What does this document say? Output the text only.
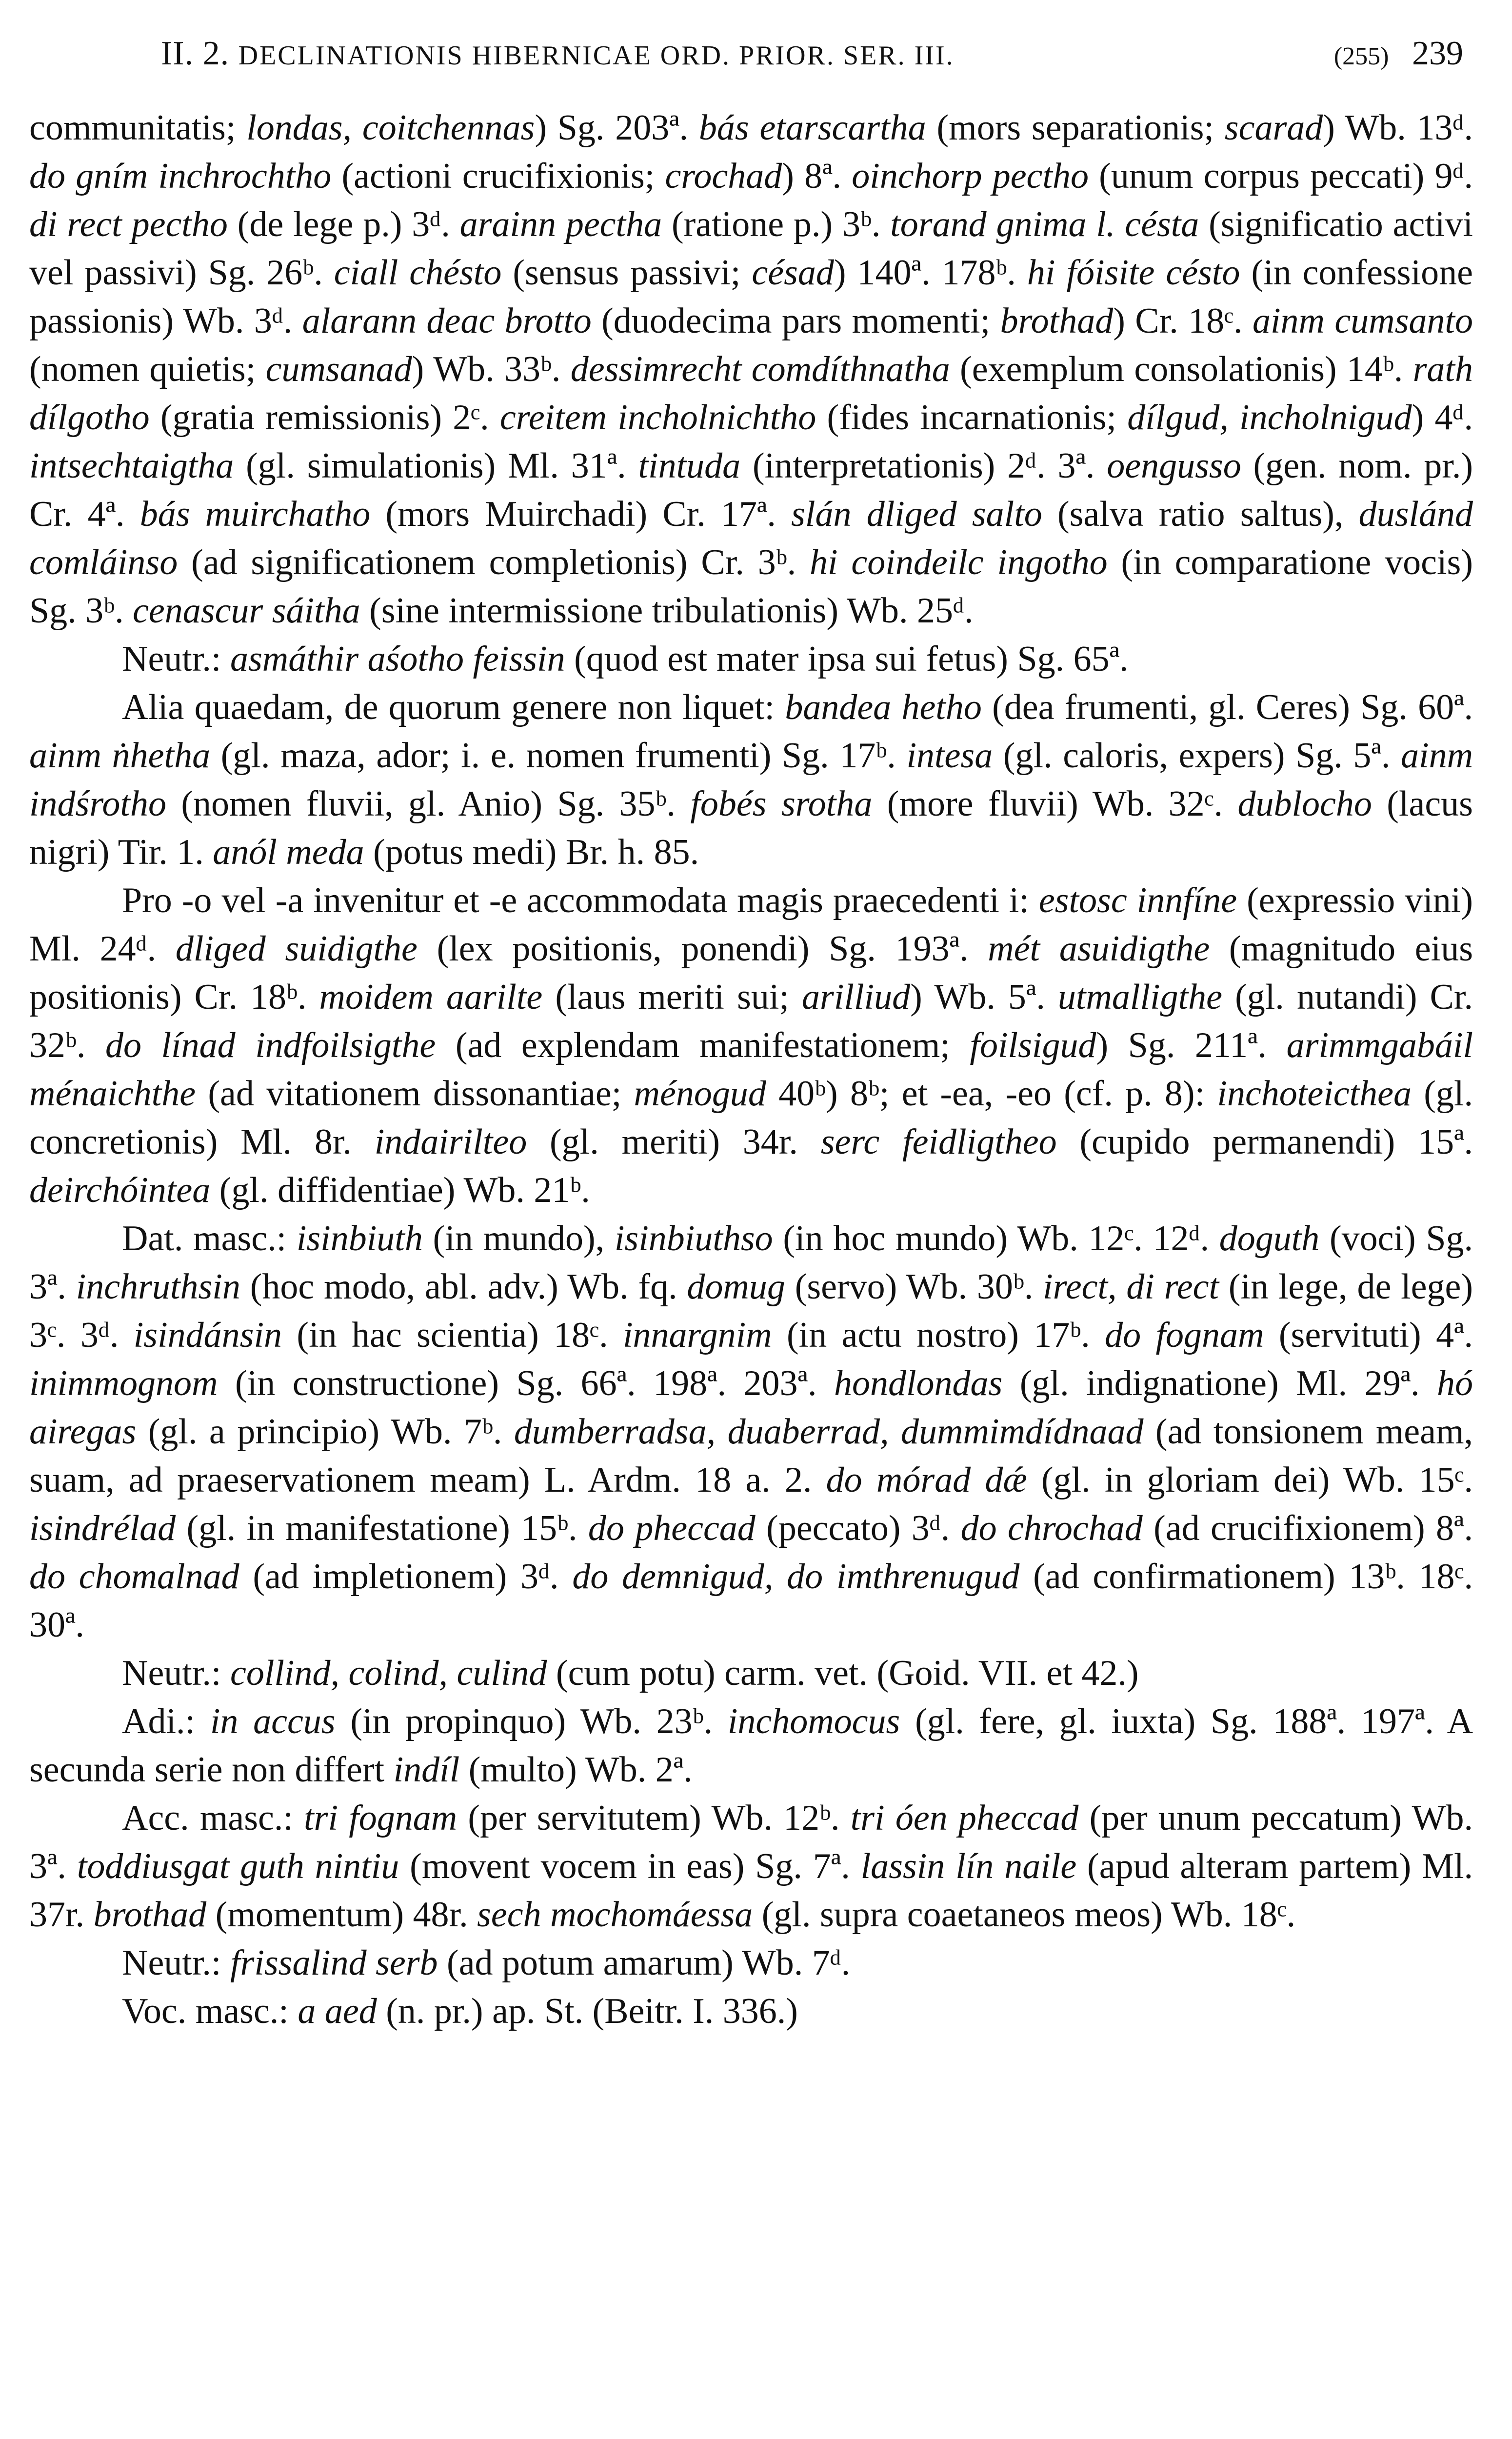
II. 2. DECLINATIONIS HIBERNICAE ORD. PRIOR. SER. III.	(255) 239

communitatis; londas, coitchennas) Sg. 203ª. bás etarscartha (mors separationis; scarad) Wb. 13ᵈ. do gním inchrochtho (actioni crucifixionis; crochad) 8ª. oinchorp pectho (unum corpus peccati) 9ᵈ. di rect pectho (de lege p.) 3ᵈ. arainn pectha (ratione p.) 3ᵇ. torand gnima l. césta (significatio activi vel passivi) Sg. 26ᵇ. ciall chésto (sensus passivi; césad) 140ª. 178ᵇ. hi fóisite césto (in confessione passionis) Wb. 3ᵈ. alarann deac brotto (duodecima pars momenti; brothad) Cr. 18ᶜ. ainm cumsanto (nomen quietis; cumsanad) Wb. 33ᵇ. dessimrecht comdíthnatha (exemplum consolationis) 14ᵇ. rath dílgotho (gratia remissionis) 2ᶜ. creitem incholnichtho (fides incarnationis; dílgud, incholnigud) 4ᵈ. intsechtaigtha (gl. simulationis) Ml. 31ª. tintuda (interpretationis) 2ᵈ. 3ª. oengusso (gen. nom. pr.) Cr. 4ª. bás muirchatho (mors Muirchadi) Cr. 17ª. slán dliged salto (salva ratio saltus), duslánd comláinso (ad significationem completionis) Cr. 3ᵇ. hi coindeilc ingotho (in comparatione vocis) Sg. 3ᵇ. cenascur sáitha (sine intermissione tribulationis) Wb. 25ᵈ.

Neutr.: asmáthir aśotho feissin (quod est mater ipsa sui fetus) Sg. 65ª.

Alia quaedam, de quorum genere non liquet: bandea hetho (dea frumenti, gl. Ceres) Sg. 60ª. ainm ṅhetha (gl. maza, ador; i. e. nomen frumenti) Sg. 17ᵇ. intesa (gl. caloris, expers) Sg. 5ª. ainm indśrotho (nomen fluvii, gl. Anio) Sg. 35ᵇ. fobés srotha (more fluvii) Wb. 32ᶜ. dublocho (lacus nigri) Tir. 1. anól meda (potus medi) Br. h. 85.

Pro -o vel -a invenitur et -e accommodata magis praecedenti i: estosc innfíne (expressio vini) Ml. 24ᵈ. dliged suidigthe (lex positionis, ponendi) Sg. 193ª. mét asuidigthe (magnitudo eius positionis) Cr. 18ᵇ. moidem aarilte (laus meriti sui; arilliud) Wb. 5ª. utmalligthe (gl. nutandi) Cr. 32ᵇ. do línad indfoilsigthe (ad explendam manifestationem; foilsigud) Sg. 211ª. arimmgabáil ménaichthe (ad vitationem dissonantiae; ménogud 40ᵇ) 8ᵇ; et -ea, -eo (cf. p. 8): inchoteicthea (gl. concretionis) Ml. 8r. indairilteo (gl. meriti) 34r. serc feidligtheo (cupido permanendi) 15ª. deirchóintea (gl. diffidentiae) Wb. 21ᵇ.

Dat. masc.: isinbiuth (in mundo), isinbiuthso (in hoc mundo) Wb. 12ᶜ. 12ᵈ. doguth (voci) Sg. 3ª. inchruthsin (hoc modo, abl. adv.) Wb. fq. domug (servo) Wb. 30ᵇ. irect, di rect (in lege, de lege) 3ᶜ. 3ᵈ. isindánsin (in hac scientia) 18ᶜ. innargnim (in actu nostro) 17ᵇ. do fognam (servituti) 4ª. inimmognom (in constructione) Sg. 66ª. 198ª. 203ª. hondlondas (gl. indignatione) Ml. 29ª. hó airegas (gl. a principio) Wb. 7ᵇ. dumberradsa, duaberrad, dummimdídnaad (ad tonsionem meam, suam, ad praeservationem meam) L. Ardm. 18 a. 2. do mórad dǽ (gl. in gloriam dei) Wb. 15ᶜ. isindrélad (gl. in manifestatione) 15ᵇ. do pheccad (peccato) 3ᵈ. do chrochad (ad crucifixionem) 8ª. do chomalnad (ad impletionem) 3ᵈ. do demnigud, do imthrenugud (ad confirmationem) 13ᵇ. 18ᶜ. 30ª.

Neutr.: collind, colind, culind (cum potu) carm. vet. (Goid. VII. et 42.)

Adi.: in accus (in propinquo) Wb. 23ᵇ. inchomocus (gl. fere, gl. iuxta) Sg. 188ª. 197ª. A secunda serie non differt indíl (multo) Wb. 2ª.

Acc. masc.: tri fognam (per servitutem) Wb. 12ᵇ. tri óen pheccad (per unum peccatum) Wb. 3ª. toddiusgat guth nintiu (movent vocem in eas) Sg. 7ª. lassin lín naile (apud alteram partem) Ml. 37r. brothad (momentum) 48r. sech mochomáessa (gl. supra coaetaneos meos) Wb. 18ᶜ.

Neutr.: frissalind serb (ad potum amarum) Wb. 7ᵈ.

Voc. masc.: a aed (n. pr.) ap. St. (Beitr. I. 336.)
